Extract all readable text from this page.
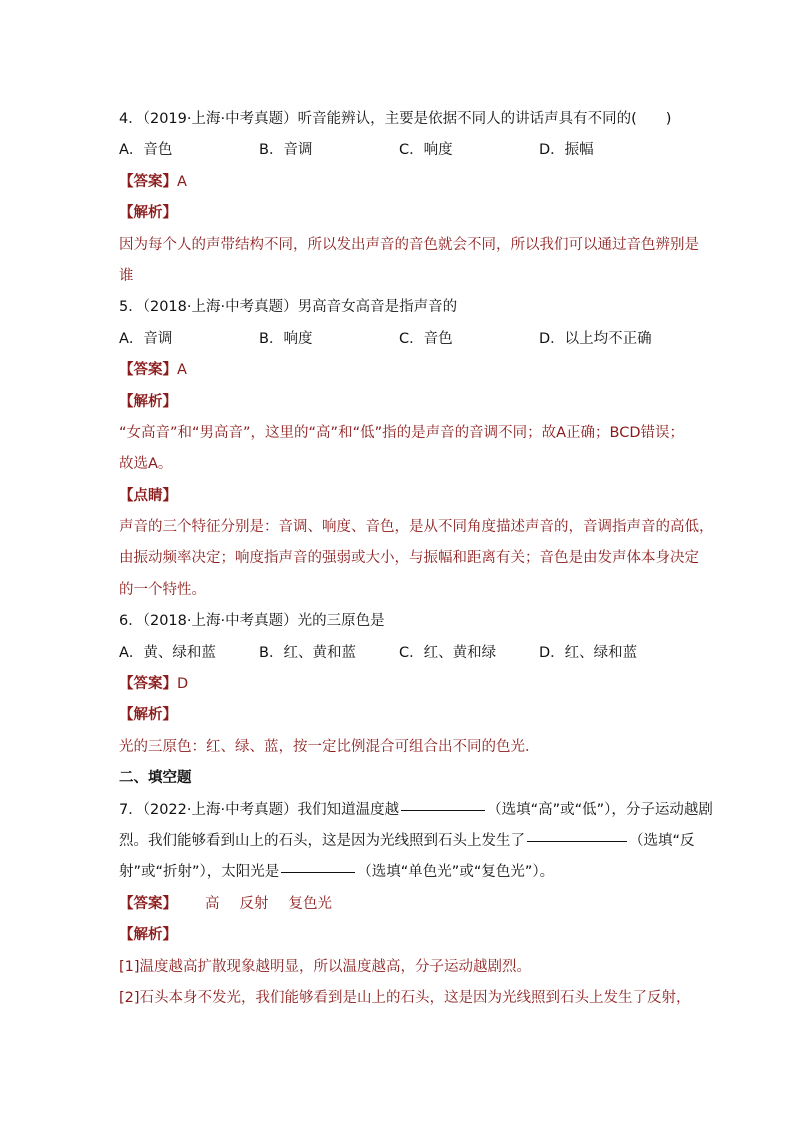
4．（2019·上海·中考真题）听音能辨认，主要是依据不同人的讲话声具有不同的(　　)
A．音色	B．音调	C．响度	D．振幅
【答案】A
【解析】
因为每个人的声带结构不同，所以发出声音的音色就会不同，所以我们可以通过音色辨别是
谁
5．（2018·上海·中考真题）男高音女高音是指声音的
A．音调	B．响度	C．音色	D．以上均不正确
【答案】A
【解析】
“女高音”和“男高音”，这里的“高”和“低”指的是声音的音调不同；故A正确；BCD错误；
故选A。
【点睛】
声音的三个特征分别是：音调、响度、音色，是从不同角度描述声音的，音调指声音的高低，
由振动频率决定；响度指声音的强弱或大小，与振幅和距离有关；音色是由发声体本身决定
的一个特性。
6．（2018·上海·中考真题）光的三原色是
A．黄、绿和蓝	B．红、黄和蓝	C．红、黄和绿	D．红、绿和蓝
【答案】D
【解析】
光的三原色：红、绿、蓝，按一定比例混合可组合出不同的色光．
二、填空题
7．（2022·上海·中考真题）我们知道温度越	（选填“高”或“低”），分子运动越剧
烈。我们能够看到山上的石头，这是因为光线照到石头上发生了	（选填“反
射”或“折射”），太阳光是	（选填“单色光”或“复色光”）。
【答案】 高 反射 复色光
【解析】
[1]温度越高扩散现象越明显，所以温度越高，分子运动越剧烈。
[2]石头本身不发光，我们能够看到是山上的石头，这是因为光线照到石头上发生了反射，
